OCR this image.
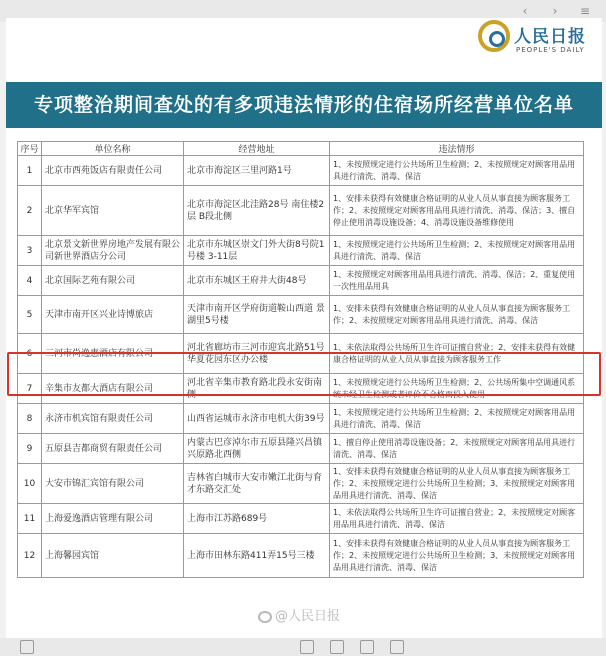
‹	›	≡
人民日报
PEOPLE'S DAILY
专项整治期间查处的有多项违法情形的住宿场所经营单位名单
序号	单位名称	经营地址	违法情形
1	北京市西苑饭店有限责任公司	北京市海淀区三里河路1号	1、未按照规定进行公共场所卫生检测；2、未按照规定对顾客用品用具进行清洗、消毒、保洁
2	北京华军宾馆	北京市海淀区北洼路28号 南住楼2层 B段北侧	1、安排未获得有效健康合格证明的从业人员从事直接为顾客服务工作；2、未按照规定对顾客用品用具进行清洗、消毒、保洁；3、擅自停止使用消毒设施设备；4、消毒设施设备维修使用
3	北京景文新世界房地产发展有限公司新世界酒店分公司	北京市东城区崇文门外大街8号院1号楼 3-11层	1、未按照规定进行公共场所卫生检测；2、未按照规定对顾客用品用具进行清洗、消毒、保洁
4	北京国际艺苑有限公司	北京市东城区王府井大街48号	1、未按照规定对顾客用品用具进行清洗、消毒、保洁；2、重复使用一次性用品用具
5	天津市南开区兴业诗博旅店	天津市南开区学府街道鞍山西道 景湖里5号楼	1、安排未获得有效健康合格证明的从业人员从事直接为顾客服务工作；2、未按照规定对顾客用品用具进行清洗、消毒、保洁
6	三河市尚逸惠酒店有限公司	河北省廊坊市三河市迎宾北路51号 华夏花园东区办公楼	1、未依法取得公共场所卫生许可证擅自营业；2、安排未获得有效健康合格证明的从业人员从事直接为顾客服务工作
7	辛集市友都大酒店有限公司	河北省辛集市教育路北段永安街南侧	1、未按照规定进行公共场所卫生检测；2、公共场所集中空调通风系统未经卫生检测或者评价不合格而投入使用
8	永济市机宾馆有限责任公司	山西省运城市永济市电机大街39号	1、未按照规定进行公共场所卫生检测；2、未按照规定对顾客用品用具进行清洗、消毒、保洁
9	五原县吉都商贸有限责任公司	内蒙古巴彦淖尔市五原县隆兴昌镇兴原路北西侧	1、擅自停止使用消毒设施设备；2、未按照规定对顾客用品用具进行清洗、消毒、保洁
10	大安市锦汇宾馆有限公司	吉林省白城市大安市嫩江北街与育才东路交汇处	1、安排未获得有效健康合格证明的从业人员从事直接为顾客服务工作；2、未按照规定进行公共场所卫生检测；3、未按照规定对顾客用品用具进行清洗、消毒、保洁
11	上海爱逸酒店管理有限公司	上海市江苏路689号	1、未依法取得公共场所卫生许可证擅自营业；2、未按照规定对顾客用品用具进行清洗、消毒、保洁
12	上海馨园宾馆	上海市田林东路411弄15号三楼	1、安排未获得有效健康合格证明的从业人员从事直接为顾客服务工作；2、未按照规定进行公共场所卫生检测；3、未按照规定对顾客用品用具进行清洗、消毒、保洁
@人民日报
